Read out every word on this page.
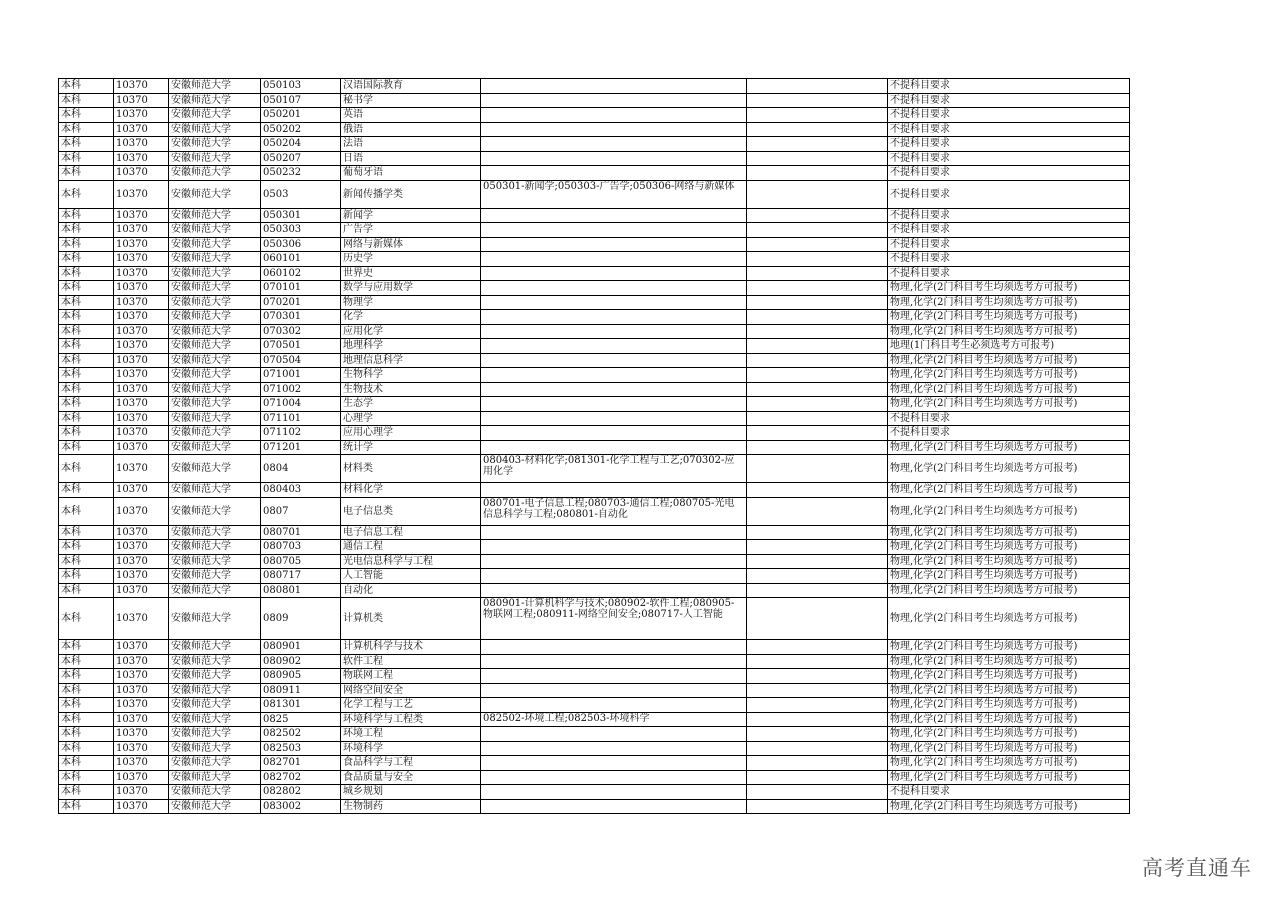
本科	10370	安徽师范大学	050103	汉语国际教育			不提科目要求
本科	10370	安徽师范大学	050107	秘书学			不提科目要求
本科	10370	安徽师范大学	050201	英语			不提科目要求
本科	10370	安徽师范大学	050202	俄语			不提科目要求
本科	10370	安徽师范大学	050204	法语			不提科目要求
本科	10370	安徽师范大学	050207	日语			不提科目要求
本科	10370	安徽师范大学	050232	葡萄牙语			不提科目要求
本科	10370	安徽师范大学	0503	新闻传播学类	050301-新闻学;050303-广告学;050306-网络与新媒体		不提科目要求
本科	10370	安徽师范大学	050301	新闻学			不提科目要求
本科	10370	安徽师范大学	050303	广告学			不提科目要求
本科	10370	安徽师范大学	050306	网络与新媒体			不提科目要求
本科	10370	安徽师范大学	060101	历史学			不提科目要求
本科	10370	安徽师范大学	060102	世界史			不提科目要求
本科	10370	安徽师范大学	070101	数学与应用数学			物理,化学(2门科目考生均须选考方可报考)
本科	10370	安徽师范大学	070201	物理学			物理,化学(2门科目考生均须选考方可报考)
本科	10370	安徽师范大学	070301	化学			物理,化学(2门科目考生均须选考方可报考)
本科	10370	安徽师范大学	070302	应用化学			物理,化学(2门科目考生均须选考方可报考)
本科	10370	安徽师范大学	070501	地理科学			地理(1门科目考生必须选考方可报考)
本科	10370	安徽师范大学	070504	地理信息科学			物理,化学(2门科目考生均须选考方可报考)
本科	10370	安徽师范大学	071001	生物科学			物理,化学(2门科目考生均须选考方可报考)
本科	10370	安徽师范大学	071002	生物技术			物理,化学(2门科目考生均须选考方可报考)
本科	10370	安徽师范大学	071004	生态学			物理,化学(2门科目考生均须选考方可报考)
本科	10370	安徽师范大学	071101	心理学			不提科目要求
本科	10370	安徽师范大学	071102	应用心理学			不提科目要求
本科	10370	安徽师范大学	071201	统计学			物理,化学(2门科目考生均须选考方可报考)
本科	10370	安徽师范大学	0804	材料类	080403-材料化学;081301-化学工程与工艺;070302-应用化学		物理,化学(2门科目考生均须选考方可报考)
本科	10370	安徽师范大学	080403	材料化学			物理,化学(2门科目考生均须选考方可报考)
本科	10370	安徽师范大学	0807	电子信息类	080701-电子信息工程;080703-通信工程;080705-光电信息科学与工程;080801-自动化		物理,化学(2门科目考生均须选考方可报考)
本科	10370	安徽师范大学	080701	电子信息工程			物理,化学(2门科目考生均须选考方可报考)
本科	10370	安徽师范大学	080703	通信工程			物理,化学(2门科目考生均须选考方可报考)
本科	10370	安徽师范大学	080705	光电信息科学与工程			物理,化学(2门科目考生均须选考方可报考)
本科	10370	安徽师范大学	080717	人工智能			物理,化学(2门科目考生均须选考方可报考)
本科	10370	安徽师范大学	080801	自动化			物理,化学(2门科目考生均须选考方可报考)
本科	10370	安徽师范大学	0809	计算机类	080901-计算机科学与技术;080902-软件工程;080905-物联网工程;080911-网络空间安全;080717-人工智能		物理,化学(2门科目考生均须选考方可报考)
本科	10370	安徽师范大学	080901	计算机科学与技术			物理,化学(2门科目考生均须选考方可报考)
本科	10370	安徽师范大学	080902	软件工程			物理,化学(2门科目考生均须选考方可报考)
本科	10370	安徽师范大学	080905	物联网工程			物理,化学(2门科目考生均须选考方可报考)
本科	10370	安徽师范大学	080911	网络空间安全			物理,化学(2门科目考生均须选考方可报考)
本科	10370	安徽师范大学	081301	化学工程与工艺			物理,化学(2门科目考生均须选考方可报考)
本科	10370	安徽师范大学	0825	环境科学与工程类	082502-环境工程;082503-环境科学		物理,化学(2门科目考生均须选考方可报考)
本科	10370	安徽师范大学	082502	环境工程			物理,化学(2门科目考生均须选考方可报考)
本科	10370	安徽师范大学	082503	环境科学			物理,化学(2门科目考生均须选考方可报考)
本科	10370	安徽师范大学	082701	食品科学与工程			物理,化学(2门科目考生均须选考方可报考)
本科	10370	安徽师范大学	082702	食品质量与安全			物理,化学(2门科目考生均须选考方可报考)
本科	10370	安徽师范大学	082802	城乡规划			不提科目要求
本科	10370	安徽师范大学	083002	生物制药			物理,化学(2门科目考生均须选考方可报考)
高考直通车
